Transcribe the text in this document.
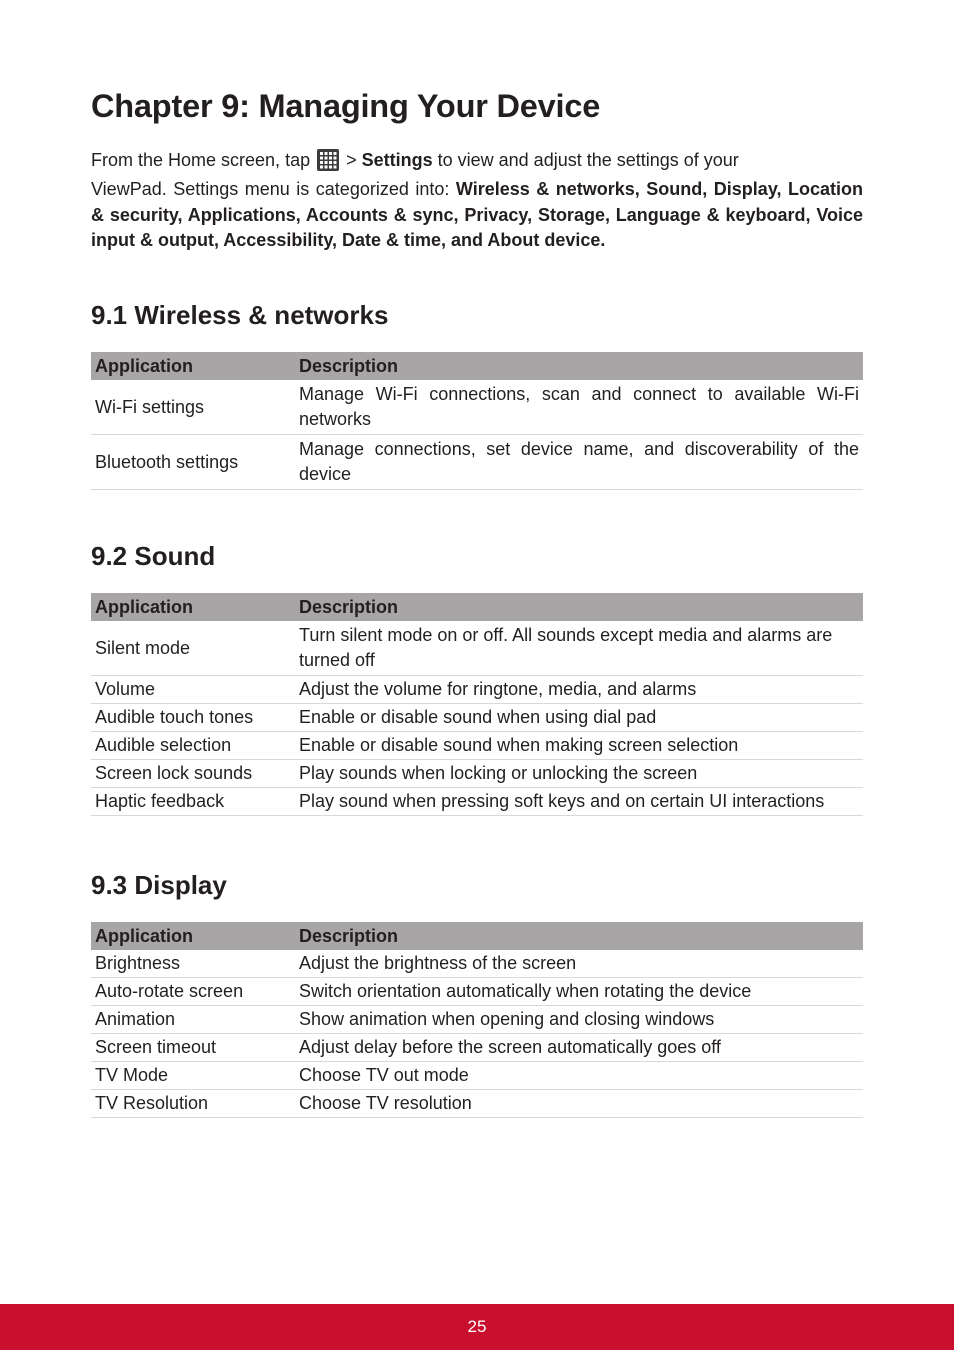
Chapter 9: Managing Your Device

From the Home screen, tap
> Settings to view and adjust the settings of your

ViewPad. Settings menu is categorized into: Wireless & networks, Sound, Display, Location & security, Applications, Accounts & sync, Privacy, Storage, Language & keyboard, Voice input & output, Accessibility, Date & time, and About device.

9.1 Wireless & networks
Application	Description
Wi-Fi settings	Manage Wi-Fi connections, scan and connect to available Wi-Fi networks
Bluetooth settings	Manage connections, set device name, and discoverability of the device
9.2 Sound
Application	Description
Silent mode	Turn silent mode on or off. All sounds except media and alarms are turned off
Volume	Adjust the volume for ringtone, media, and alarms
Audible touch tones	Enable or disable sound when using dial pad
Audible selection	Enable or disable sound when making screen selection
Screen lock sounds	Play sounds when locking or unlocking the screen
Haptic feedback	Play sound when pressing soft keys and on certain UI interactions
9.3 Display
Application	Description
Brightness	Adjust the brightness of the screen
Auto-rotate screen	Switch orientation automatically when rotating the device
Animation	Show animation when opening and closing windows
Screen timeout	Adjust delay before the screen automatically goes off
TV Mode	Choose TV out mode
TV Resolution	Choose TV resolution
25
